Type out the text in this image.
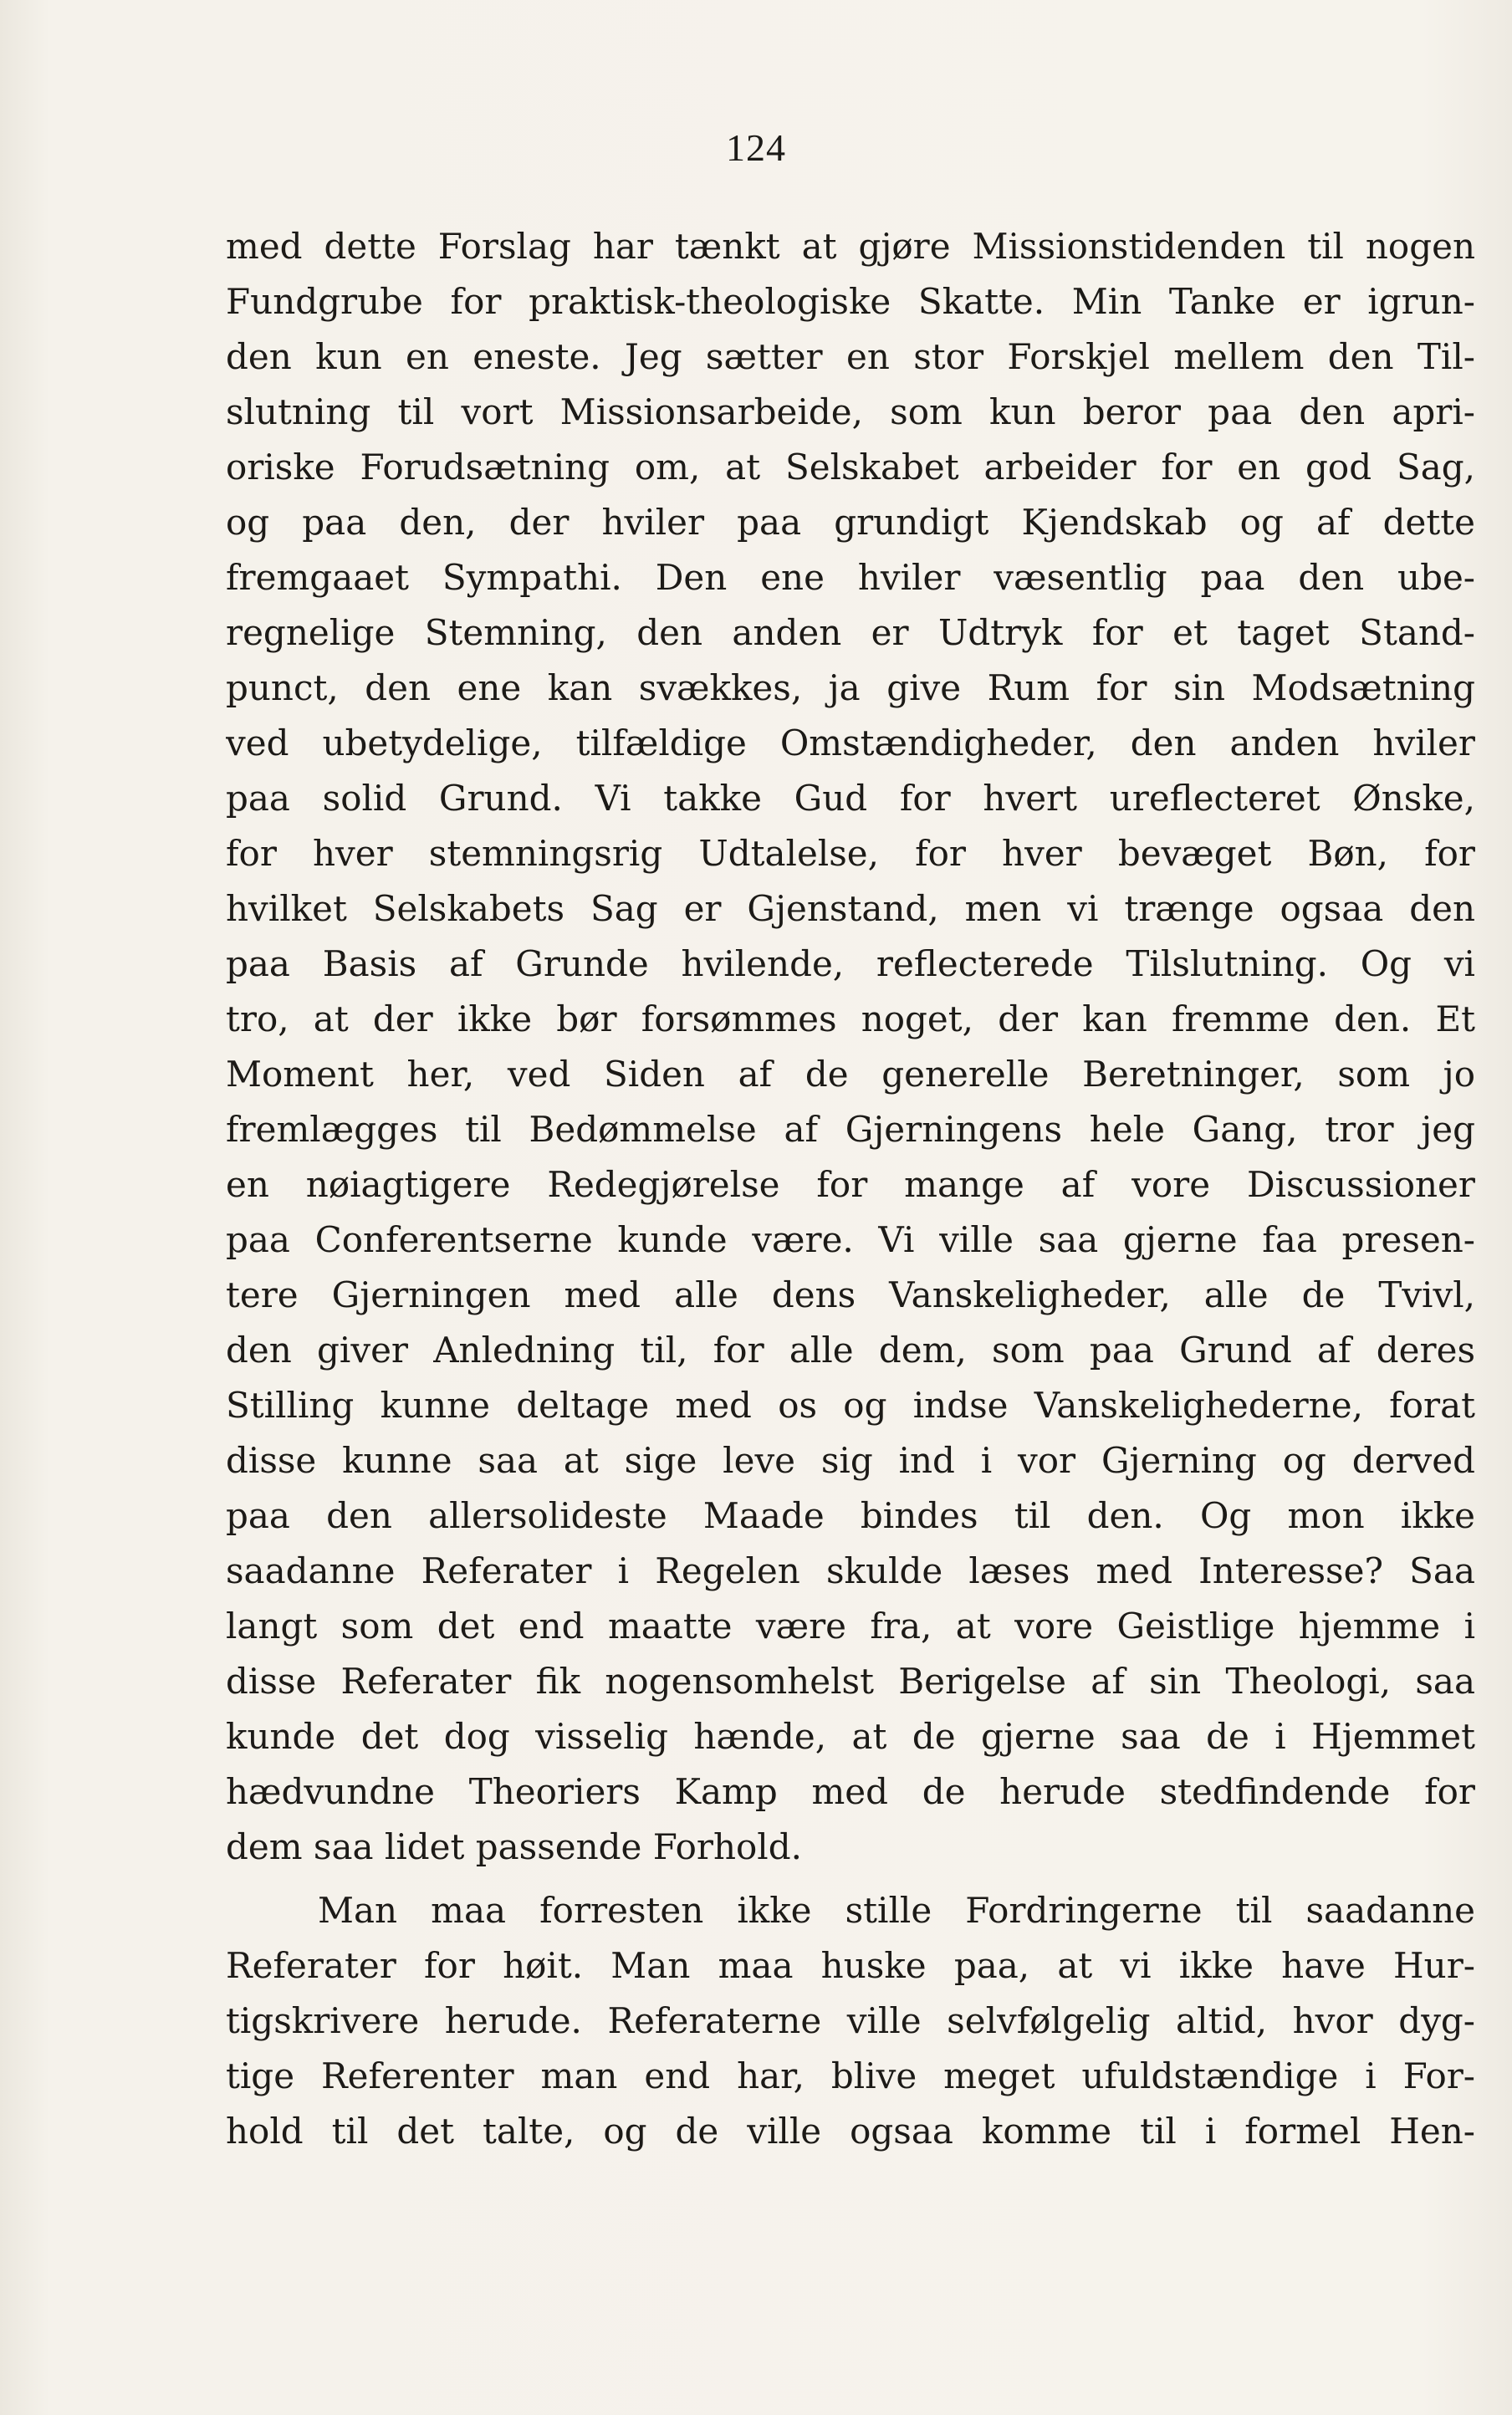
124
med dette Forslag har tænkt at gjøre Missionstidenden til nogen
Fundgrube for praktisk-theologiske Skatte. Min Tanke er igrun-
den kun en eneste. Jeg sætter en stor Forskjel mellem den Til-
slutning til vort Missionsarbeide, som kun beror paa den apri-
oriske Forudsætning om, at Selskabet arbeider for en god Sag,
og paa den, der hviler paa grundigt Kjendskab og af dette
fremgaaet Sympathi. Den ene hviler væsentlig paa den ube-
regnelige Stemning, den anden er Udtryk for et taget Stand-
punct, den ene kan svækkes, ja give Rum for sin Modsætning
ved ubetydelige, tilfældige Omstændigheder, den anden hviler
paa solid Grund. Vi takke Gud for hvert ureflecteret Ønske,
for hver stemningsrig Udtalelse, for hver bevæget Bøn, for
hvilket Selskabets Sag er Gjenstand, men vi trænge ogsaa den
paa Basis af Grunde hvilende, reflecterede Tilslutning. Og vi
tro, at der ikke bør forsømmes noget, der kan fremme den. Et
Moment her, ved Siden af de generelle Beretninger, som jo
fremlægges til Bedømmelse af Gjerningens hele Gang, tror jeg
en nøiagtigere Redegjørelse for mange af vore Discussioner
paa Conferentserne kunde være. Vi ville saa gjerne faa presen-
tere Gjerningen med alle dens Vanskeligheder, alle de Tvivl,
den giver Anledning til, for alle dem, som paa Grund af deres
Stilling kunne deltage med os og indse Vanskelighederne, forat
disse kunne saa at sige leve sig ind i vor Gjerning og derved
paa den allersolideste Maade bindes til den. Og mon ikke
saadanne Referater i Regelen skulde læses med Interesse? Saa
langt som det end maatte være fra, at vore Geistlige hjemme i
disse Referater fik nogensomhelst Berigelse af sin Theologi, saa
kunde det dog visselig hænde, at de gjerne saa de i Hjemmet
hædvundne Theoriers Kamp med de herude stedfindende for
dem saa lidet passende Forhold.
Man maa forresten ikke stille Fordringerne til saadanne
Referater for høit. Man maa huske paa, at vi ikke have Hur-
tigskrivere herude. Referaterne ville selvfølgelig altid, hvor dyg-
tige Referenter man end har, blive meget ufuldstændige i For-
hold til det talte, og de ville ogsaa komme til i formel Hen-
